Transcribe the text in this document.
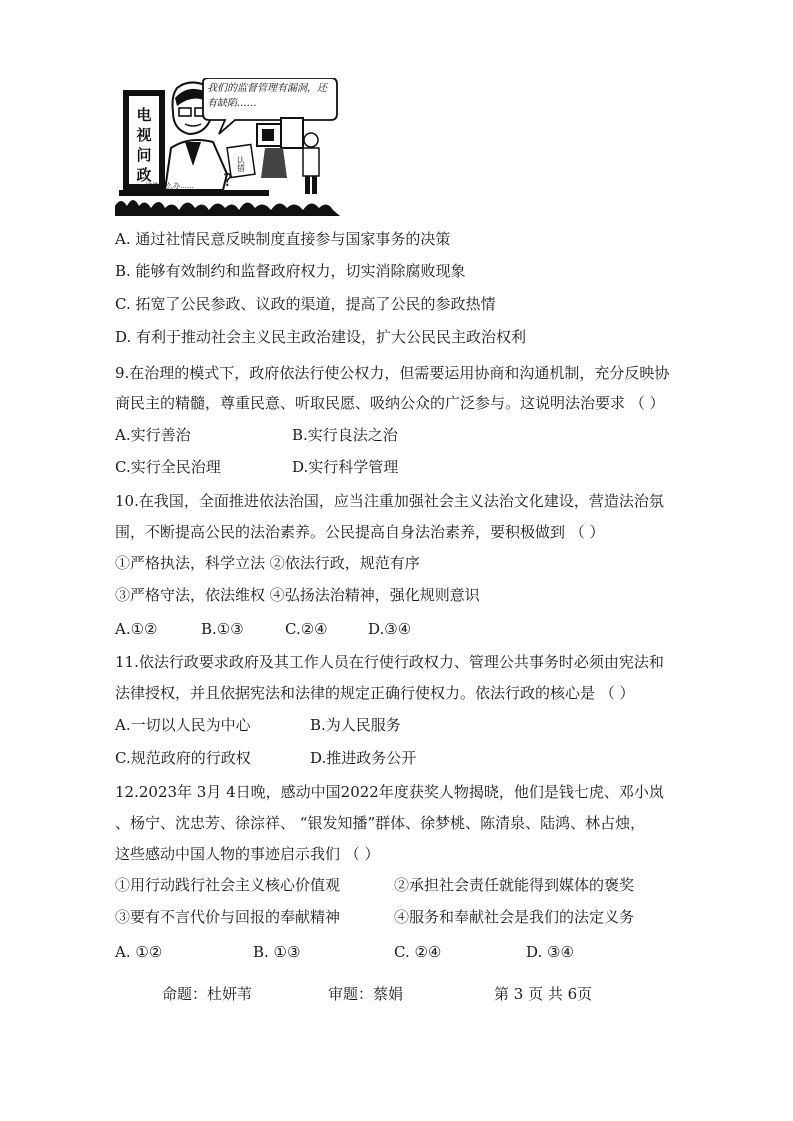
电
视
问
政
认错
这件怎么办…… ?
我们的监督管理有漏洞，还有缺陷……
A. 通过社情民意反映制度直接参与国家事务的决策
B. 能够有效制约和监督政府权力，切实消除腐败现象
C. 拓宽了公民参政、议政的渠道，提高了公民的参政热情
D. 有利于推动社会主义民主政治建设，扩大公民民主政治权利
9.在治理的模式下，政府依法行使公权力，但需要运用协商和沟通机制，充分反映协
商民主的精髓，尊重民意、听取民愿、吸纳公众的广泛参与。这说明法治要求 （ ）
A.实行善治	B.实行良法之治
C.实行全民治理	D.实行科学管理
10.在我国，全面推进依法治国，应当注重加强社会主义法治文化建设，营造法治氛
围，不断提高公民的法治素养。公民提高自身法治素养，要积极做到 （ ）
①严格执法，科学立法 ②依法行政，规范有序
③严格守法，依法维权 ④弘扬法治精神，强化规则意识
A.①②	B.①③	C.②④	D.③④
11.依法行政要求政府及其工作人员在行使行政权力、管理公共事务时必须由宪法和
法律授权，并且依据宪法和法律的规定正确行使权力。依法行政的核心是 （ ）
A.一切以人民为中心	B.为人民服务
C.规范政府的行政权	D.推进政务公开
12.2023年 3月 4日晚，感动中国2022年度获奖人物揭晓，他们是钱七虎、邓小岚
、杨宁、沈忠芳、徐淙祥、 “银发知播”群体、徐梦桃、陈清泉、陆鸿、林占烛，
这些感动中国人物的事迹启示我们 （ ）
①用行动践行社会主义核心价值观	②承担社会责任就能得到媒体的褒奖
③要有不言代价与回报的奉献精神	④服务和奉献社会是我们的法定义务
A. ①②	B. ①③	C. ②④	D. ③④
命题：杜妍苇	审题：蔡娟	第 3 页 共 6页
